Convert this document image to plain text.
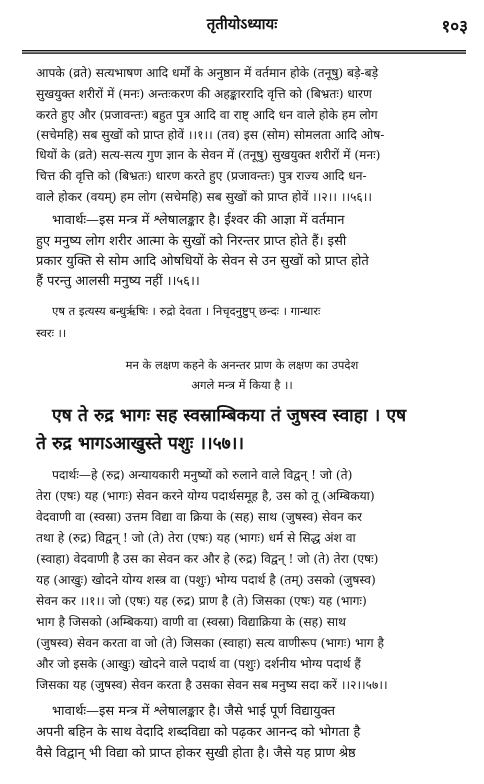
तृतीयोऽध्यायः	१०३
आपके (व्रते) सत्यभाषण आदि धर्मों के अनुष्ठान में वर्तमान होके (तनूषु) बड़े-बड़े
सुखयुक्त शरीरों में (मनः) अन्तःकरण की अहङ्काररादि वृत्ति को (बिभ्रतः) धारण
करते हुए और (प्रजावन्तः) बहुत पुत्र आदि वा राष्ट् आदि धन वाले होके हम लोग
(सचेमहि) सब सुखों को प्राप्त होवें ।।१।। (तव) इस (सोम) सोमलता आदि ओष-
धियों के (व्रते) सत्य-सत्य गुण ज्ञान के सेवन में (तनूषु) सुखयुक्त शरीरों में (मनः)
चित्त की वृत्ति को (बिभ्रतः) धारण करते हुए (प्रजावन्तः) पुत्र राज्य आदि धन-
वाले होकर (वयम्) हम लोग (सचेमहि) सब सुखों को प्राप्त होवें ।।२।। ।।५६।।
भावार्थः—इस मन्त्र में श्लेषालङ्कार है। ईश्वर की आज्ञा में वर्तमान
हुए मनुष्य लोग शरीर आत्मा के सुखों को निरन्तर प्राप्त होते हैं। इसी
प्रकार युक्ति से सोम आदि ओषधियों के सेवन से उन सुखों को प्राप्त होते
हैं परन्तु आलसी मनुष्य नहीं ।।५६।।
एष त इत्यस्य बन्धुर्ऋषिः । रुद्रो देवता । निचृदनुष्टुप् छन्दः । गान्धारः
स्वरः ।।
मन के लक्षण कहने के अनन्तर प्राण के लक्षण का उपदेश
अगले मन्त्र में किया है ।।
एष ते रुद्र भागः सह स्वस्राम्बिकया तं जुषस्व स्वाहा । एष
ते रुद्र भागऽआखुस्ते पशुः ।।५७।।
पदार्थः—हे (रुद्र) अन्यायकारी मनुष्यों को रुलाने वाले विद्वन् ! जो (ते)
तेरा (एषः) यह (भागः) सेवन करने योग्य पदार्थसमूह है, उस को तू (अम्बिकया)
वेदवाणी वा (स्वस्रा) उत्तम विद्या वा क्रिया के (सह) साथ (जुषस्व) सेवन कर
तथा हे (रुद्र) विद्वन् ! जो (ते) तेरा (एषः) यह (भागः) धर्म से सिद्ध अंश वा
(स्वाहा) वेदवाणी है उस का सेवन कर और हे (रुद्र) विद्वन् ! जो (ते) तेरा (एषः)
यह (आखुः) खोदने योग्य शस्त्र वा (पशुः) भोग्य पदार्थ है (तम्) उसको (जुषस्व)
सेवन कर ।।१।। जो (एषः) यह (रुद्र) प्राण है (ते) जिसका (एषः) यह (भागः)
भाग है जिसको (अम्बिकया) वाणी वा (स्वस्रा) विद्याक्रिया के (सह) साथ
(जुषस्व) सेवन करता वा जो (ते) जिसका (स्वाहा) सत्य वाणीरूप (भागः) भाग है
और जो इसके (आखुः) खोदने वाले पदार्थ वा (पशुः) दर्शनीय भोग्य पदार्थ हैं
जिसका यह (जुषस्व) सेवन करता है उसका सेवन सब मनुष्य सदा करें ।।२।।५७।।
भावार्थः—इस मन्त्र में श्लेषालङ्कार है। जैसे भाई पूर्ण विद्यायुक्त
अपनी बहिन के साथ वेदादि शब्दविद्या को पढ़कर आनन्द को भोगता है
वैसे विद्वान् भी विद्या को प्राप्त होकर सुखी होता है। जैसे यह प्राण श्रेष्ठ
